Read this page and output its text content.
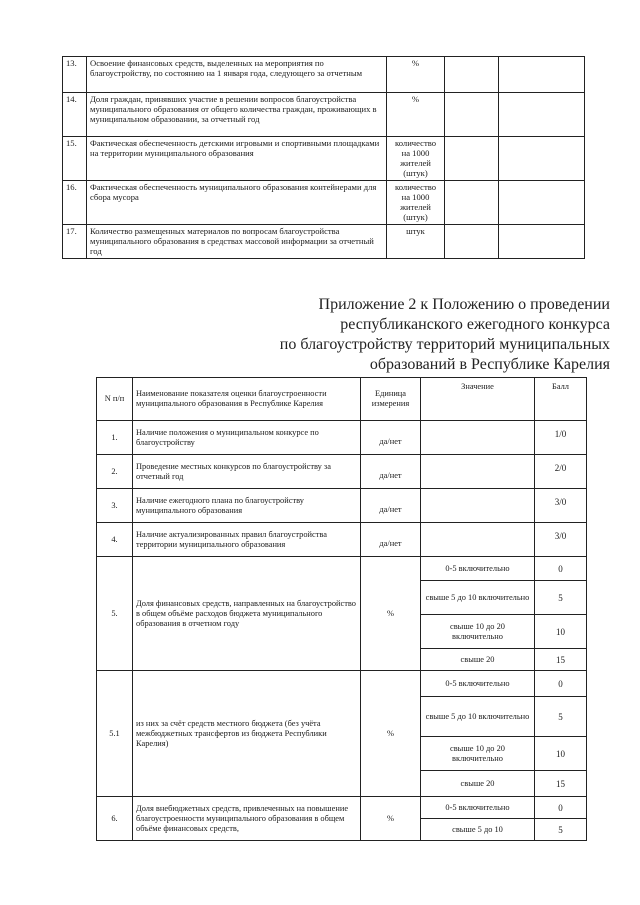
13.	Освоение финансовых средств, выделенных на мероприятия по благоустройству, по состоянию на 1 января года, следующего за отчетным	%		
14.	Доля граждан, принявших участие в решении вопросов благоустройства муниципального образования от общего количества граждан, проживающих в муниципальном образовании, за отчетный год	%		
15.	Фактическая обеспеченность детскими игровыми и спортивными площадками на территории муниципального образования	количество на 1000 жителей (штук)		
16.	Фактическая обеспеченность муниципального образования контейнерами для сбора мусора	количество на 1000 жителей (штук)		
17.	Количество размещенных материалов по вопросам благоустройства муниципального образования в средствах массовой информации за отчетный год	штук		
Приложение 2 к Положению о проведении
республиканского ежегодного конкурса
по благоустройству территорий муниципальных
образований в Республике Карелия
N п/п	Наименование показателя оценки благоустроенности муниципального образования в Республике Карелия	Единица измерения	Значение	Балл
1.	Наличие положения о муниципальном конкурсе по благоустройству	да/нет		1/0
2.	Проведение местных конкурсов по благоустройству за отчетный год	да/нет		2/0
3.	Наличие ежегодного плана по благоустройству муниципального образования	да/нет		3/0
4.	Наличие актуализированных правил благоустройства территории муниципального образования	да/нет		3/0
5.	Доля финансовых средств, направленных на благоустройство в общем объёме расходов бюджета муниципального образования в отчетном году	%	0-5 включительно	0
			свыше 5 до 10 включительно	5
			свыше 10 до 20 включительно	10
			свыше 20	15
5.1	из них за счёт средств местного бюджета (без учёта межбюджетных трансфертов из бюджета Республики Карелия)	%	0-5 включительно	0
			свыше 5 до 10 включительно	5
			свыше 10 до 20 включительно	10
			свыше 20	15
6.	Доля внебюджетных средств, привлеченных на повышение благоустроенности муниципального образования в общем объёме финансовых средств,	%	0-5 включительно	0
			свыше 5 до 10	5
